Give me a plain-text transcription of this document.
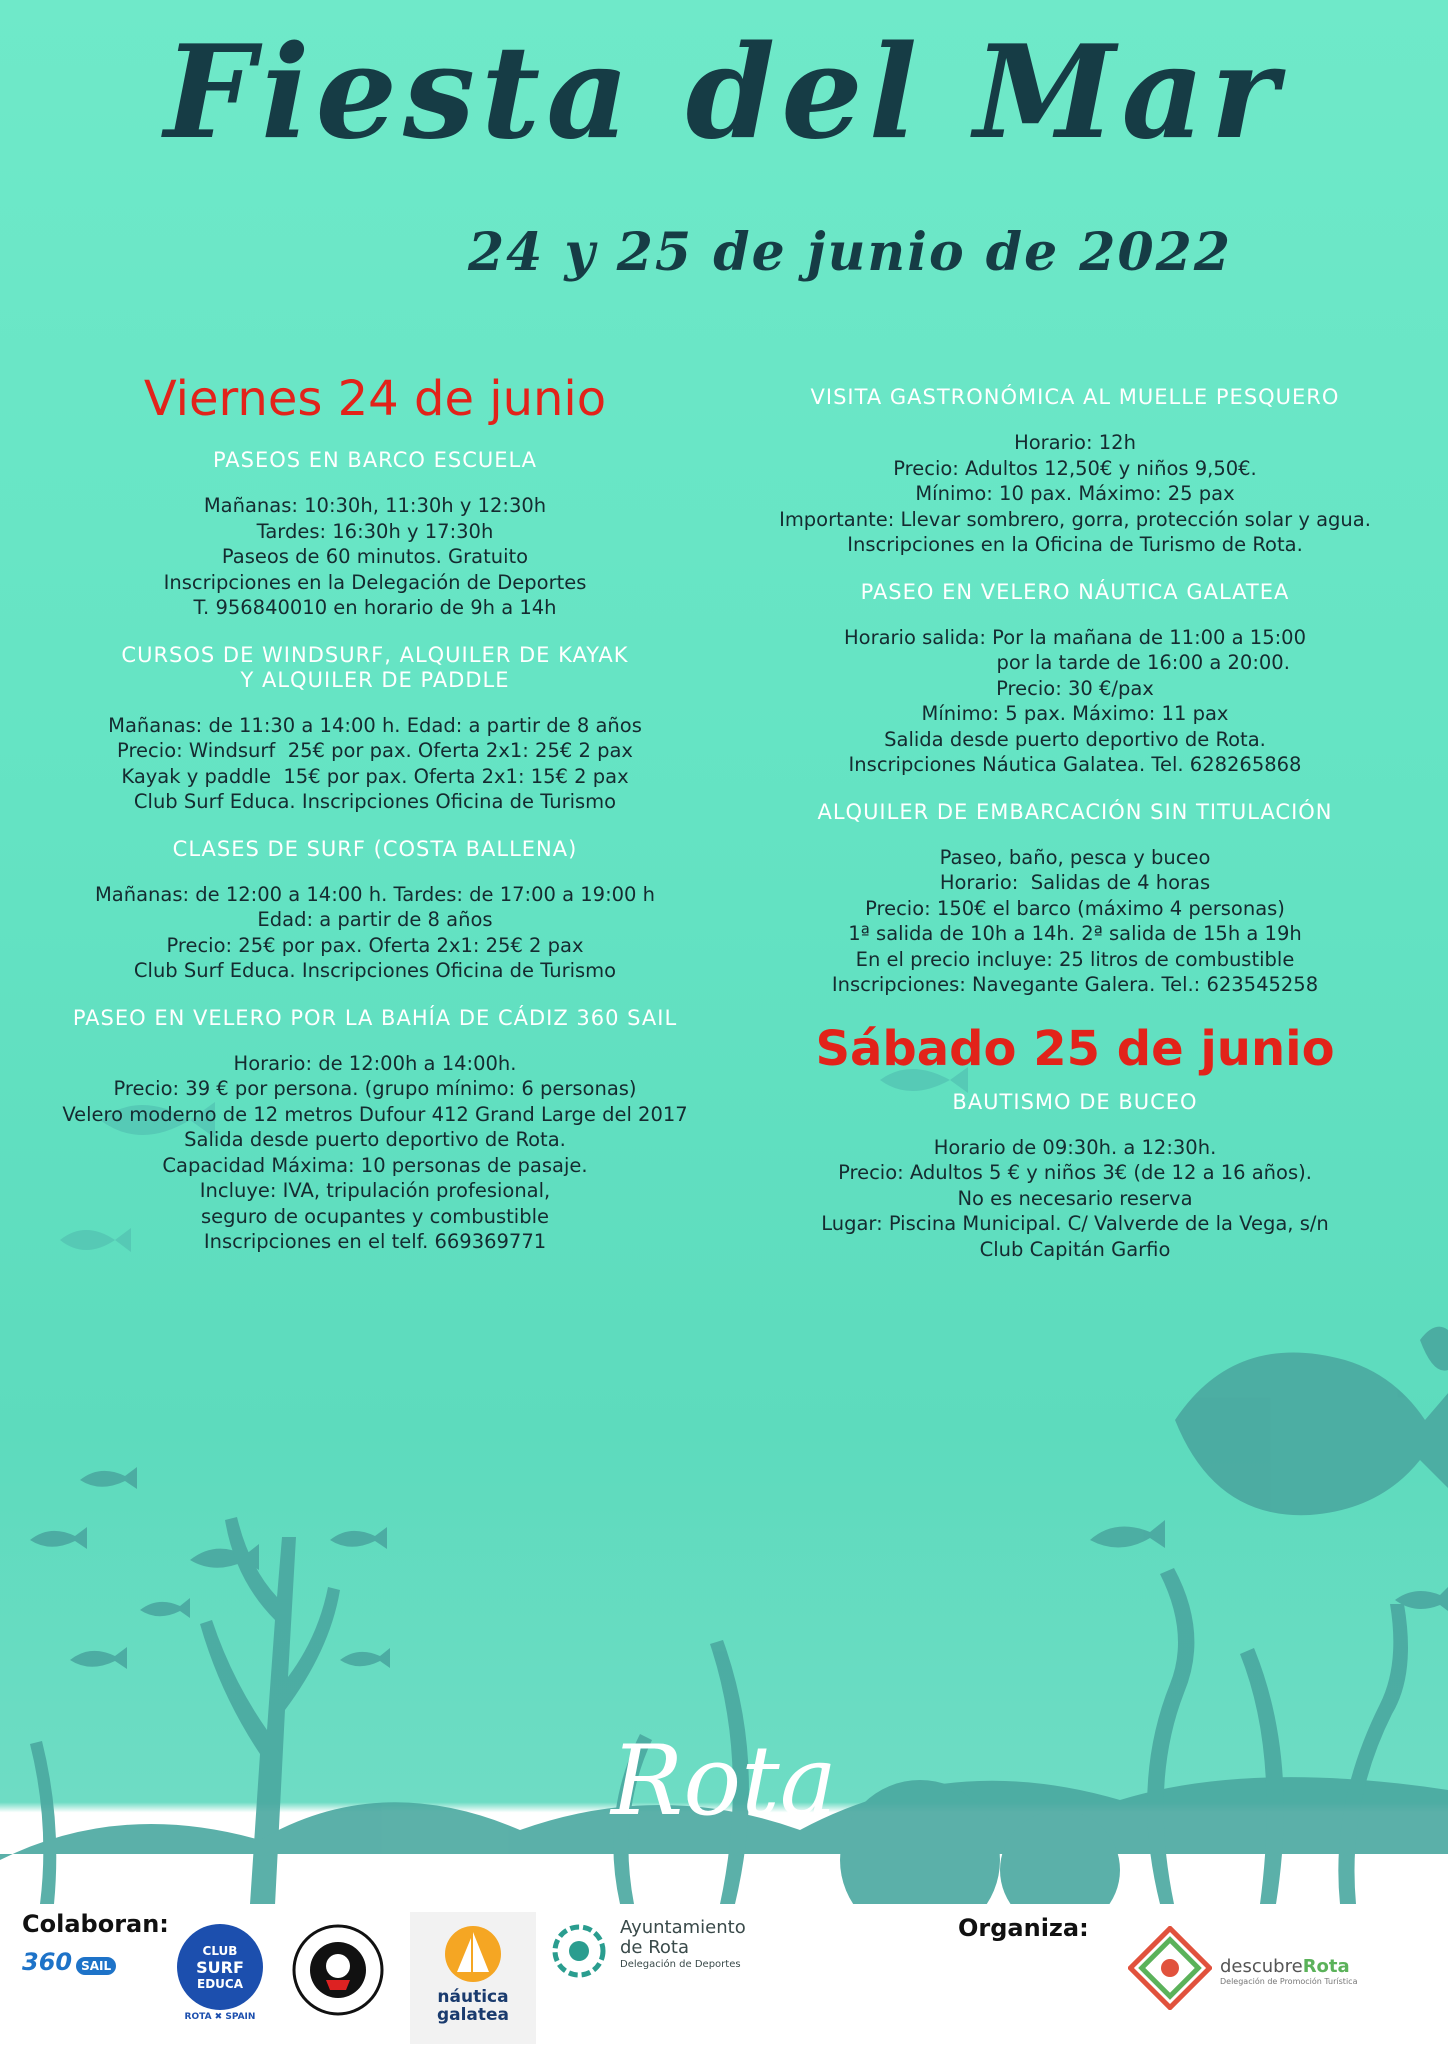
Fiesta del Mar
24 y 25 de junio de 2022
Viernes 24 de junio
PASEOS EN BARCO ESCUELA
Mañanas: 10:30h, 11:30h y 12:30h
Tardes: 16:30h y 17:30h
Paseos de 60 minutos. Gratuito
Inscripciones en la Delegación de Deportes
T. 956840010 en horario de 9h a 14h
CURSOS DE WINDSURF, ALQUILER DE KAYAK
Y ALQUILER DE PADDLE
Mañanas: de 11:30 a 14:00 h. Edad: a partir de 8 años
Precio: Windsurf  25€ por pax. Oferta 2x1: 25€ 2 pax
Kayak y paddle  15€ por pax. Oferta 2x1: 15€ 2 pax
Club Surf Educa. Inscripciones Oficina de Turismo
CLASES DE SURF (COSTA BALLENA)
Mañanas: de 12:00 a 14:00 h. Tardes: de 17:00 a 19:00 h
Edad: a partir de 8 años
Precio: 25€ por pax. Oferta 2x1: 25€ 2 pax
Club Surf Educa. Inscripciones Oficina de Turismo
PASEO EN VELERO POR LA BAHÍA DE CÁDIZ 360 SAIL
Horario: de 12:00h a 14:00h.
Precio: 39 € por persona. (grupo mínimo: 6 personas)
Velero moderno de 12 metros Dufour 412 Grand Large del 2017
Salida desde puerto deportivo de Rota.
Capacidad Máxima: 10 personas de pasaje.
Incluye: IVA, tripulación profesional,
seguro de ocupantes y combustible
Inscripciones en el telf. 669369771
VISITA GASTRONÓMICA AL MUELLE PESQUERO
Horario: 12h
Precio: Adultos 12,50€ y niños 9,50€.
Mínimo: 10 pax. Máximo: 25 pax
Importante: Llevar sombrero, gorra, protección solar y agua.
Inscripciones en la Oficina de Turismo de Rota.
PASEO EN VELERO NÁUTICA GALATEA
Horario salida: Por la mañana de 11:00 a 15:00
por la tarde de 16:00 a 20:00.
Precio: 30 €/pax
Mínimo: 5 pax. Máximo: 11 pax
Salida desde puerto deportivo de Rota.
Inscripciones Náutica Galatea. Tel. 628265868
ALQUILER DE EMBARCACIÓN SIN TITULACIÓN
Paseo, baño, pesca y buceo
Horario:  Salidas de 4 horas
Precio: 150€ el barco (máximo 4 personas)
1ª salida de 10h a 14h. 2ª salida de 15h a 19h
En el precio incluye: 25 litros de combustible
Inscripciones: Navegante Galera. Tel.: 623545258
Sábado 25 de junio
BAUTISMO DE BUCEO
Horario de 09:30h. a 12:30h.
Precio: Adultos 5 € y niños 3€ (de 12 a 16 años).
No es necesario reserva
Lugar: Piscina Municipal. C/ Valverde de la Vega, s/n
Club Capitán Garfio
Rota
Colaboran:	Organiza:
360 SAIL
CLUB
SURF
EDUCA
ROTA ✖ SPAIN
náutica
galatea
Ayuntamiento
de Rota
Delegación de Deportes	descubreRota
Delegación de Promoción Turística
